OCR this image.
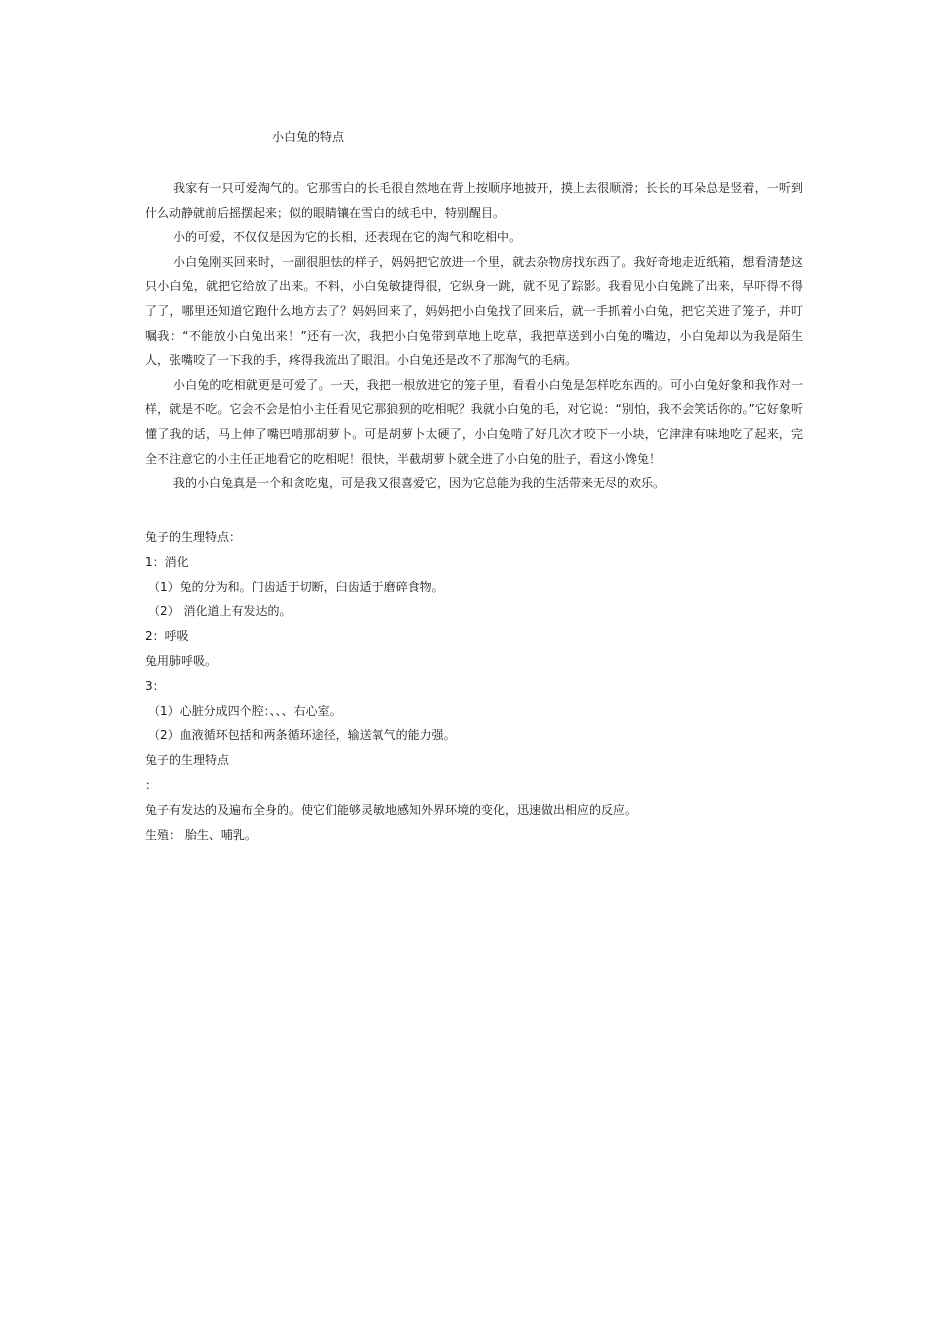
小白兔的特点

我家有一只可爱淘气的。它那雪白的长毛很自然地在背上按顺序地披开，摸上去很顺滑；长长的耳朵总是竖着，一听到什么动静就前后摇摆起来；似的眼睛镶在雪白的绒毛中，特别醒目。

小的可爱，不仅仅是因为它的长相，还表现在它的淘气和吃相中。

小白兔刚买回来时，一副很胆怯的样子，妈妈把它放进一个里，就去杂物房找东西了。我好奇地走近纸箱，想看清楚这只小白兔，就把它给放了出来。不料，小白兔敏捷得很，它纵身一跳，就不见了踪影。我看见小白兔跳了出来，早吓得不得了了，哪里还知道它跑什么地方去了？妈妈回来了，妈妈把小白兔找了回来后，就一手抓着小白兔，把它关进了笼子，并叮嘱我：“不能放小白兔出来！”还有一次，我把小白兔带到草地上吃草，我把草送到小白兔的嘴边，小白兔却以为我是陌生人，张嘴咬了一下我的手，疼得我流出了眼泪。小白兔还是改不了那淘气的毛病。

小白兔的吃相就更是可爱了。一天，我把一根放进它的笼子里，看看小白兔是怎样吃东西的。可小白兔好象和我作对一样，就是不吃。它会不会是怕小主任看见它那狼狈的吃相呢？我就小白兔的毛，对它说：“别怕，我不会笑话你的。”它好象听懂了我的话，马上伸了嘴巴啃那胡萝卜。可是胡萝卜太硬了，小白兔啃了好几次才咬下一小块，它津津有味地吃了起来，完全不注意它的小主任正地看它的吃相呢！很快，半截胡萝卜就全进了小白兔的肚子，看这小馋兔！

我的小白兔真是一个和贪吃鬼，可是我又很喜爱它，因为它总能为我的生活带来无尽的欢乐。

兔子的生理特点：
1：消化
（1）兔的分为和。门齿适于切断，臼齿适于磨碎食物。
（2） 消化道上有发达的。
2：呼吸
兔用肺呼吸。
3：
（1）心脏分成四个腔：、、、右心室。
（2）血液循环包括和两条循环途径，输送氧气的能力强。
兔子的生理特点
：
兔子有发达的及遍布全身的。使它们能够灵敏地感知外界环境的变化，迅速做出相应的反应。
生殖： 胎生、哺乳。
